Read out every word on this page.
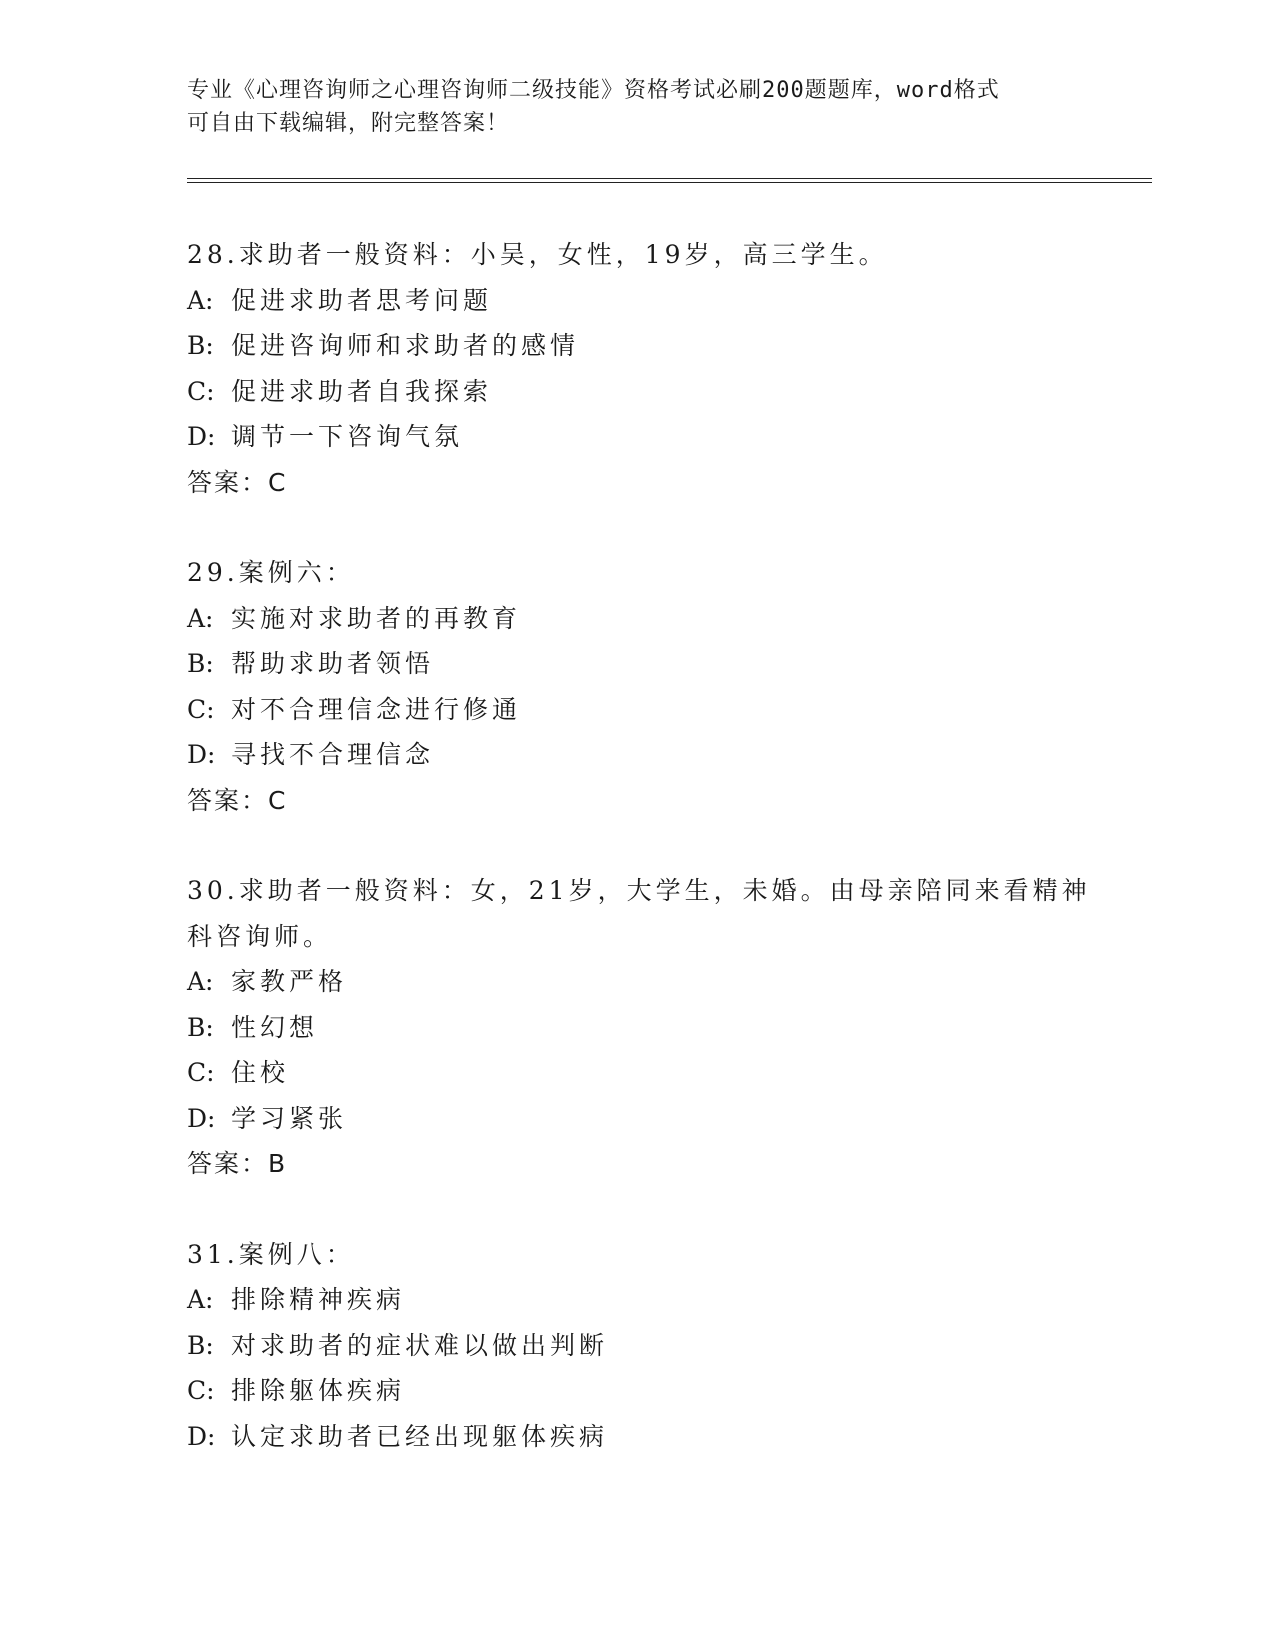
专业《心理咨询师之心理咨询师二级技能》资格考试必刷200题题库，word格式
可自由下载编辑，附完整答案！
28.求助者一般资料：小吴，女性，19岁，高三学生。
A: 促进求助者思考问题
B: 促进咨询师和求助者的感情
C: 促进求助者自我探索
D: 调节一下咨询气氛
答案：C
29.案例六：
A: 实施对求助者的再教育
B: 帮助求助者领悟
C: 对不合理信念进行修通
D: 寻找不合理信念
答案：C
30.求助者一般资料：女，21岁，大学生，未婚。由母亲陪同来看精神
科咨询师。
A: 家教严格
B: 性幻想
C: 住校
D: 学习紧张
答案：B
31.案例八：
A: 排除精神疾病
B: 对求助者的症状难以做出判断
C: 排除躯体疾病
D: 认定求助者已经出现躯体疾病
